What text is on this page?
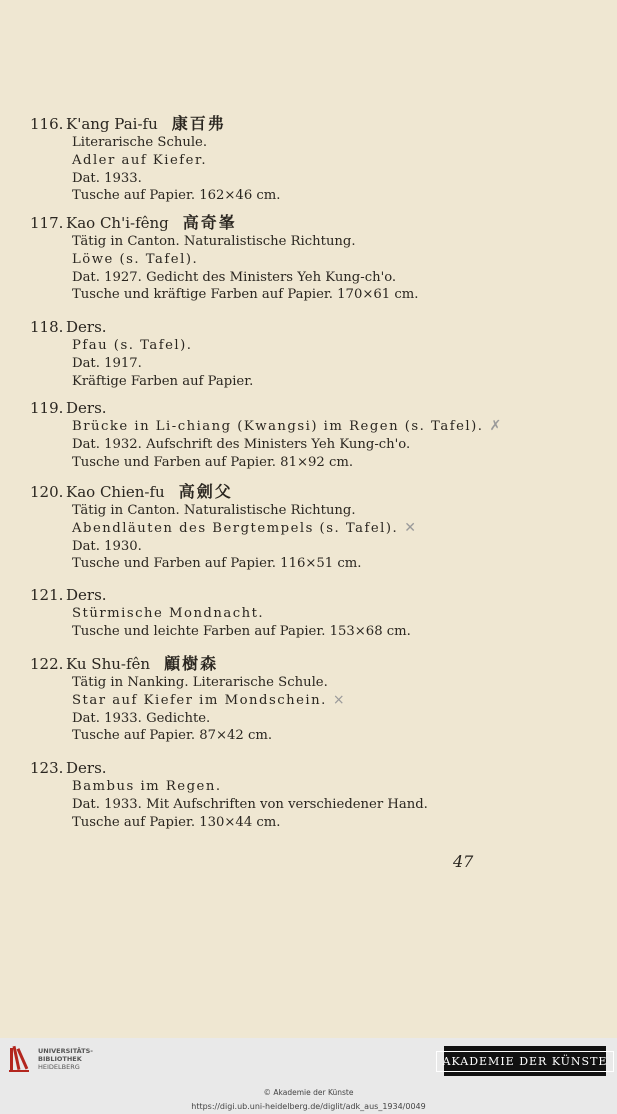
116. K'ang Pai-fu 康百弗
Literarische Schule.
Adler auf Kiefer.
Dat. 1933.
Tusche auf Papier. 162×46 cm.
117. Kao Ch'i-fêng 高奇峯
Tätig in Canton. Naturalistische Richtung.
Löwe (s. Tafel).
Dat. 1927. Gedicht des Ministers Yeh Kung-ch'o.
Tusche und kräftige Farben auf Papier. 170×61 cm.
118. Ders.
Pfau (s. Tafel).
Dat. 1917.
Kräftige Farben auf Papier.
119. Ders.
Brücke in Li-chiang (Kwangsi) im Regen (s. Tafel). ✗
Dat. 1932. Aufschrift des Ministers Yeh Kung-ch'o.
Tusche und Farben auf Papier. 81×92 cm.
120. Kao Chien-fu 高劍父
Tätig in Canton. Naturalistische Richtung.
Abendläuten des Bergtempels (s. Tafel). ✕
Dat. 1930.
Tusche und Farben auf Papier. 116×51 cm.
121. Ders.
Stürmische Mondnacht.
Tusche und leichte Farben auf Papier. 153×68 cm.
122. Ku Shu-fên 顧樹森
Tätig in Nanking. Literarische Schule.
Star auf Kiefer im Mondschein. ×
Dat. 1933. Gedichte.
Tusche auf Papier. 87×42 cm.
123. Ders.
Bambus im Regen.
Dat. 1933. Mit Aufschriften von verschiedener Hand.
Tusche auf Papier. 130×44 cm.
47
UNIVERSITÄTS-
BIBLIOTHEK
HEIDELBERG	AKADEMIE DER KÜNSTE
© Akademie der Künste
https://digi.ub.uni-heidelberg.de/diglit/adk_aus_1934/0049
